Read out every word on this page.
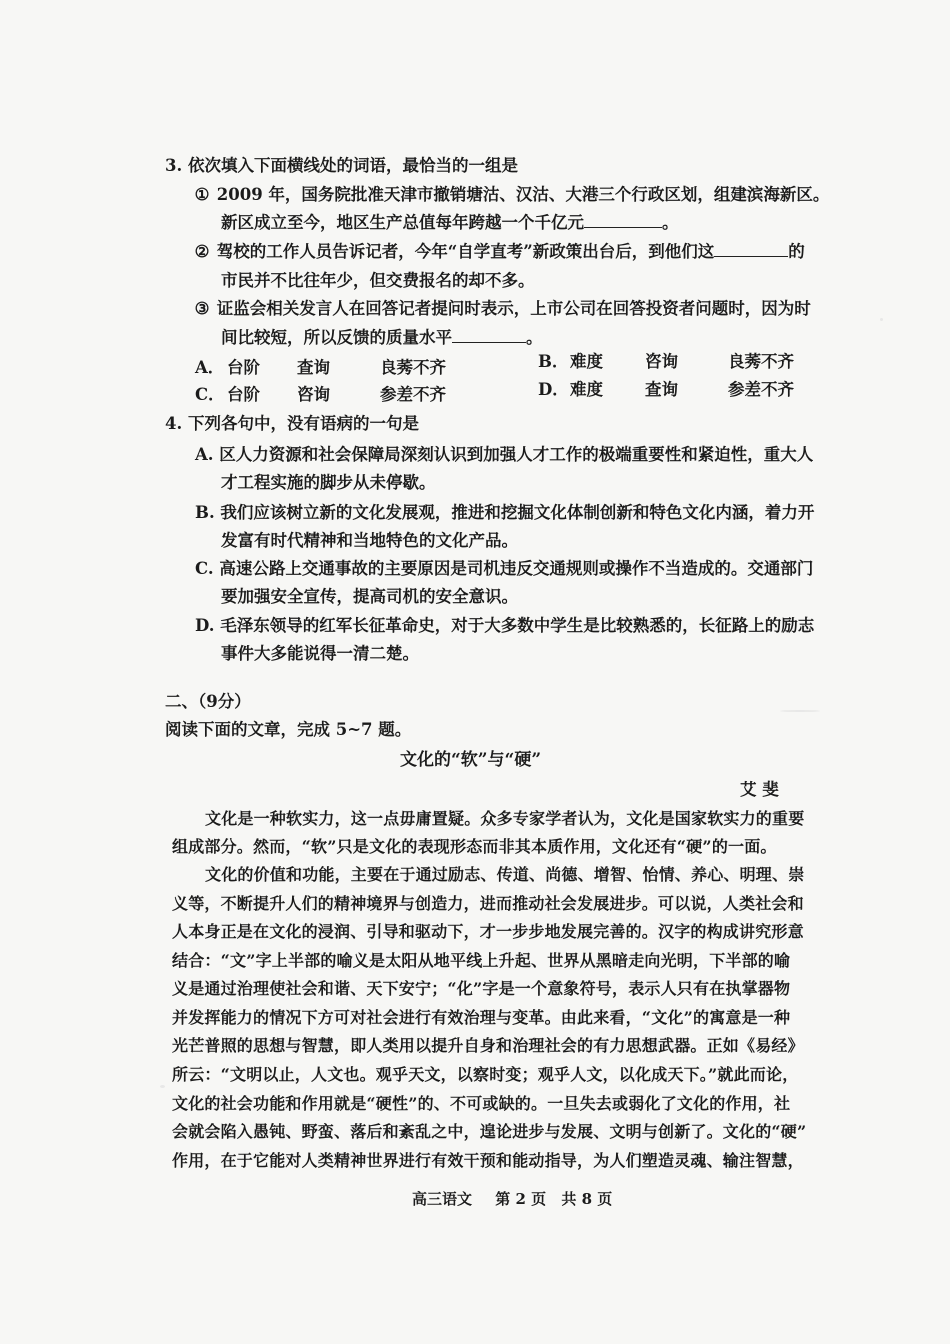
3. 依次填入下面横线处的词语，最恰当的一组是
① 2009 年，国务院批准天津市撤销塘沽、汉沽、大港三个行政区划，组建滨海新区。
新区成立至今，地区生产总值每年跨越一个千亿元	。
② 驾校的工作人员告诉记者，今年“自学直考”新政策出台后，到他们这	的
市民并不比往年少，但交费报名的却不多。
③ 证监会相关发言人在回答记者提问时表示，上市公司在回答投资者问题时，因为时
间比较短，所以反馈的质量水平	。
A． 台阶 查询	良莠不齐	B． 难度	咨询	良莠不齐
C． 台阶 咨询	参差不齐	D． 难度	查询	参差不齐
4. 下列各句中，没有语病的一句是
A. 区人力资源和社会保障局深刻认识到加强人才工作的极端重要性和紧迫性，重大人
才工程实施的脚步从未停歇。
B. 我们应该树立新的文化发展观，推进和挖掘文化体制创新和特色文化内涵，着力开
发富有时代精神和当地特色的文化产品。
C. 高速公路上交通事故的主要原因是司机违反交通规则或操作不当造成的。交通部门
要加强安全宣传，提高司机的安全意识。
D. 毛泽东领导的红军长征革命史，对于大多数中学生是比较熟悉的，长征路上的励志
事件大多能说得一清二楚。
二、（9分）
阅读下面的文章，完成 5~7 题。
文化的“软”与“硬”
艾 斐
文化是一种软实力，这一点毋庸置疑。众多专家学者认为，文化是国家软实力的重要
组成部分。然而，“软”只是文化的表现形态而非其本质作用，文化还有“硬”的一面。
文化的价值和功能，主要在于通过励志、传道、尚德、增智、怡情、养心、明理、崇
义等，不断提升人们的精神境界与创造力，进而推动社会发展进步。可以说，人类社会和
人本身正是在文化的浸润、引导和驱动下，才一步步地发展完善的。汉字的构成讲究形意
结合：“文”字上半部的喻义是太阳从地平线上升起、世界从黑暗走向光明，下半部的喻
义是通过治理使社会和谐、天下安宁；“化”字是一个意象符号，表示人只有在执掌器物
并发挥能力的情况下方可对社会进行有效治理与变革。由此来看，“文化”的寓意是一种
光芒普照的思想与智慧，即人类用以提升自身和治理社会的有力思想武器。正如《易经》
所云：“文明以止，人文也。观乎天文，以察时变；观乎人文，以化成天下。”就此而论，
文化的社会功能和作用就是“硬性”的、不可或缺的。一旦失去或弱化了文化的作用，社
会就会陷入愚钝、野蛮、落后和紊乱之中，遑论进步与发展、文明与创新了。文化的“硬”
作用，在于它能对人类精神世界进行有效干预和能动指导，为人们塑造灵魂、输注智慧，
高三语文 第 2 页 共 8 页
